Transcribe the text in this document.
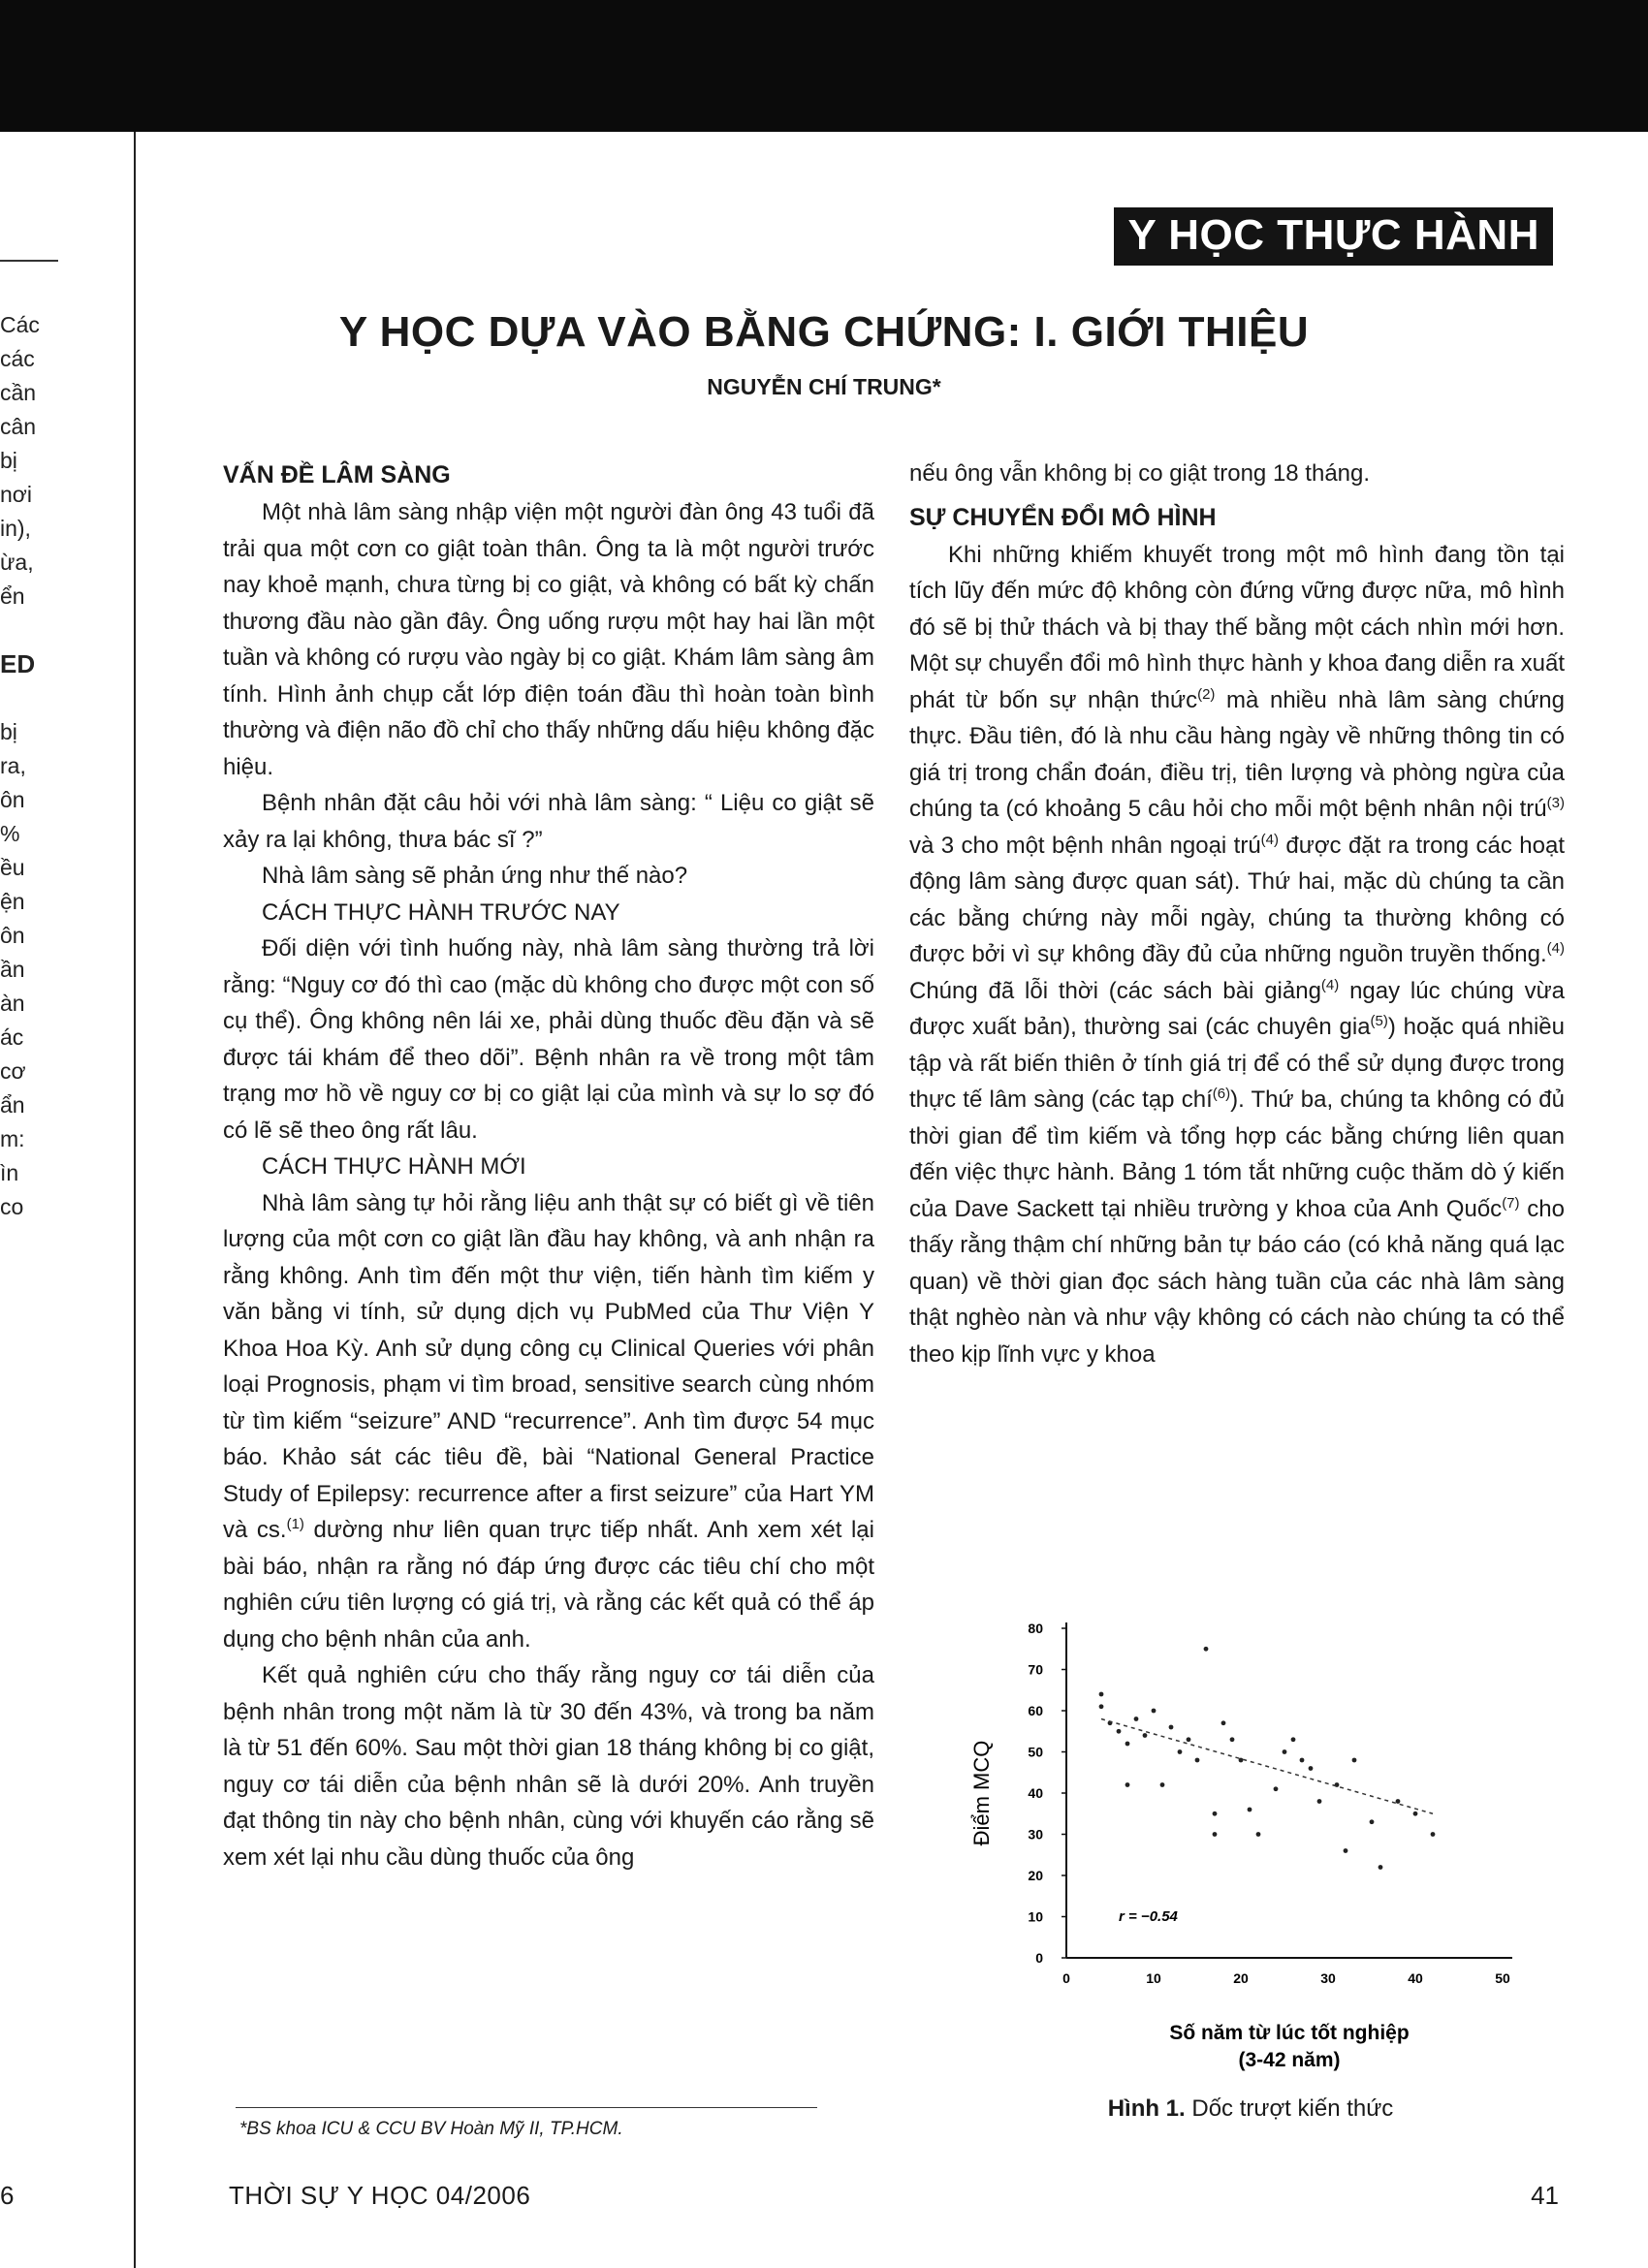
Các
các
cần
cân
bị
nơi
in),
ừa,
ển

ED

bị
ra,
ôn
%
ều
ện
ôn
ần
àn
ác
cơ
ẩn
m:
ìn
co
Y HỌC THỰC HÀNH
Y HỌC DỰA VÀO BẰNG CHỨNG: I. GIỚI THIỆU
NGUYỄN CHÍ TRUNG*
VẤN ĐỀ LÂM SÀNG

Một nhà lâm sàng nhập viện một người đàn ông 43 tuổi đã trải qua một cơn co giật toàn thân. Ông ta là một người trước nay khoẻ mạnh, chưa từng bị co giật, và không có bất kỳ chấn thương đầu nào gần đây. Ông uống rượu một hay hai lần một tuần và không có rượu vào ngày bị co giật. Khám lâm sàng âm tính. Hình ảnh chụp cắt lớp điện toán đầu thì hoàn toàn bình thường và điện não đồ chỉ cho thấy những dấu hiệu không đặc hiệu.

Bệnh nhân đặt câu hỏi với nhà lâm sàng: “ Liệu co giật sẽ xảy ra lại không, thưa bác sĩ ?”

Nhà lâm sàng sẽ phản ứng như thế nào?

CÁCH THỰC HÀNH TRƯỚC NAY

Đối diện với tình huống này, nhà lâm sàng thường trả lời rằng: “Nguy cơ đó thì cao (mặc dù không cho được một con số cụ thể). Ông không nên lái xe, phải dùng thuốc đều đặn và sẽ được tái khám để theo dõi”. Bệnh nhân ra về trong một tâm trạng mơ hồ về nguy cơ bị co giật lại của mình và sự lo sợ đó có lẽ sẽ theo ông rất lâu.

CÁCH THỰC HÀNH MỚI

Nhà lâm sàng tự hỏi rằng liệu anh thật sự có biết gì về tiên lượng của một cơn co giật lần đầu hay không, và anh nhận ra rằng không. Anh tìm đến một thư viện, tiến hành tìm kiếm y văn bằng vi tính, sử dụng dịch vụ PubMed của Thư Viện Y Khoa Hoa Kỳ. Anh sử dụng công cụ Clinical Queries với phân loại Prognosis, phạm vi tìm broad, sensitive search cùng nhóm từ tìm kiếm “seizure” AND “recurrence”. Anh tìm được 54 mục báo. Khảo sát các tiêu đề, bài “National General Practice Study of Epilepsy: recurrence after a first seizure” của Hart YM và cs.$^{(1)}$ dường như liên quan trực tiếp nhất. Anh xem xét lại bài báo, nhận ra rằng nó đáp ứng được các tiêu chí cho một nghiên cứu tiên lượng có giá trị, và rằng các kết quả có thể áp dụng cho bệnh nhân của anh.

Kết quả nghiên cứu cho thấy rằng nguy cơ tái diễn của bệnh nhân trong một năm là từ 30 đến 43%, và trong ba năm là từ 51 đến 60%. Sau một thời gian 18 tháng không bị co giật, nguy cơ tái diễn của bệnh nhân sẽ là dưới 20%. Anh truyền đạt thông tin này cho bệnh nhân, cùng với khuyến cáo rằng sẽ xem xét lại nhu cầu dùng thuốc của ông

nếu ông vẫn không bị co giật trong 18 tháng.

SỰ CHUYỂN ĐỔI MÔ HÌNH

Khi những khiếm khuyết trong một mô hình đang tồn tại tích lũy đến mức độ không còn đứng vững được nữa, mô hình đó sẽ bị thử thách và bị thay thế bằng một cách nhìn mới hơn. Một sự chuyển đổi mô hình thực hành y khoa đang diễn ra xuất phát từ bốn sự nhận thức$^{(2)}$ mà nhiều nhà lâm sàng chứng thực. Đầu tiên, đó là nhu cầu hàng ngày về những thông tin có giá trị trong chẩn đoán, điều trị, tiên lượng và phòng ngừa của chúng ta (có khoảng 5 câu hỏi cho mỗi một bệnh nhân nội trú$^{(3)}$ và 3 cho một bệnh nhân ngoại trú$^{(4)}$ được đặt ra trong các hoạt động lâm sàng được quan sát). Thứ hai, mặc dù chúng ta cần các bằng chứng này mỗi ngày, chúng ta thường không có được bởi vì sự không đầy đủ của những nguồn truyền thống.$^{(4)}$ Chúng đã lỗi thời (các sách bài giảng$^{(4)}$ ngay lúc chúng vừa được xuất bản), thường sai (các chuyên gia$^{(5)}$) hoặc quá nhiều tập và rất biến thiên ở tính giá trị để có thể sử dụng được trong thực tế lâm sàng (các tạp chí$^{(6)}$). Thứ ba, chúng ta không có đủ thời gian để tìm kiếm và tổng hợp các bằng chứng liên quan đến việc thực hành. Bảng 1 tóm tắt những cuộc thăm dò ý kiến của Dave Sackett tại nhiều trường y khoa của Anh Quốc$^{(7)}$ cho thấy rằng thậm chí những bản tự báo cáo (có khả năng quá lạc quan) về thời gian đọc sách hàng tuần của các nhà lâm sàng thật nghèo nàn và như vậy không có cách nào chúng ta có thể theo kịp lĩnh vực y khoa

0
10
20
30
40
50
60
70
80
0	10	20	30	40	50
Điểm MCQ
Số năm từ lúc tốt nghiệp
(3-42 năm)
r = −0.54
Hình 1. Dốc trượt kiến thức
*BS khoa ICU & CCU BV Hoàn Mỹ II, TP.HCM.
THỜI SỰ Y HỌC 04/2006	41
6
